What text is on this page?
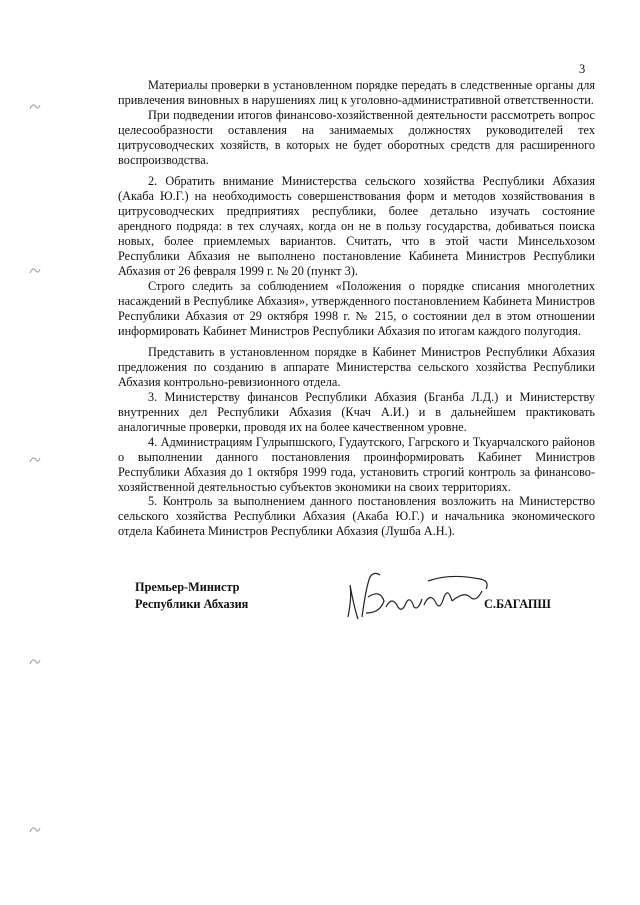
3

Материалы проверки в установленном порядке передать в следственные органы для привлечения виновных в нарушениях лиц к уголовно-административной ответственности.

При подведении итогов финансово-хозяйственной деятельности рассмотреть вопрос целесообразности оставления на занимаемых должностях руководителей тех цитрусоводческих хозяйств, в которых не будет оборотных средств для расширенного воспроизводства.

2. Обратить внимание Министерства сельского хозяйства Республики Абхазия (Акаба Ю.Г.) на необходимость совершенствования форм и методов хозяйствования в цитрусоводческих предприятиях республики, более детально изучать состояние арендного подряда: в тех случаях, когда он не в пользу государства, добиваться поиска новых, более приемлемых вариантов. Считать, что в этой части Минсельхозом Республики Абхазия не выполнено постановление Кабинета Министров Республики Абхазия от 26 февраля 1999 г. № 20 (пункт 3).

Строго следить за соблюдением «Положения о порядке списания многолетних насаждений в Республике Абхазия», утвержденного постановлением Кабинета Министров Республики Абхазия от 29 октября 1998 г. № 215, о состоянии дел в этом отношении информировать Кабинет Министров Республики Абхазия по итогам каждого полугодия.

Представить в установленном порядке в Кабинет Министров Республики Абхазия предложения по созданию в аппарате Министерства сельского хозяйства Республики Абхазия контрольно-ревизионного отдела.

3. Министерству финансов Республики Абхазия (Бганба Л.Д.) и Министерству внутренних дел Республики Абхазия (Кчач А.И.) и в дальнейшем практиковать аналогичные проверки, проводя их на более качественном уровне.

4. Администрациям Гулрыпшского, Гудаутского, Гагрского и Ткуарчалского районов о выполнении данного постановления проинформировать Кабинет Министров Республики Абхазия до 1 октября 1999 года, установить строгий контроль за финансово-хозяйственной деятельностью субъектов экономики на своих территориях.

5. Контроль за выполнением данного постановления возложить на Министерство сельского хозяйства Республики Абхазия (Акаба Ю.Г.) и начальника экономического отдела Кабинета Министров Республики Абхазия (Лушба А.Н.).

Премьер-Министр
Республики Абхазия	С.БАГАПШ
